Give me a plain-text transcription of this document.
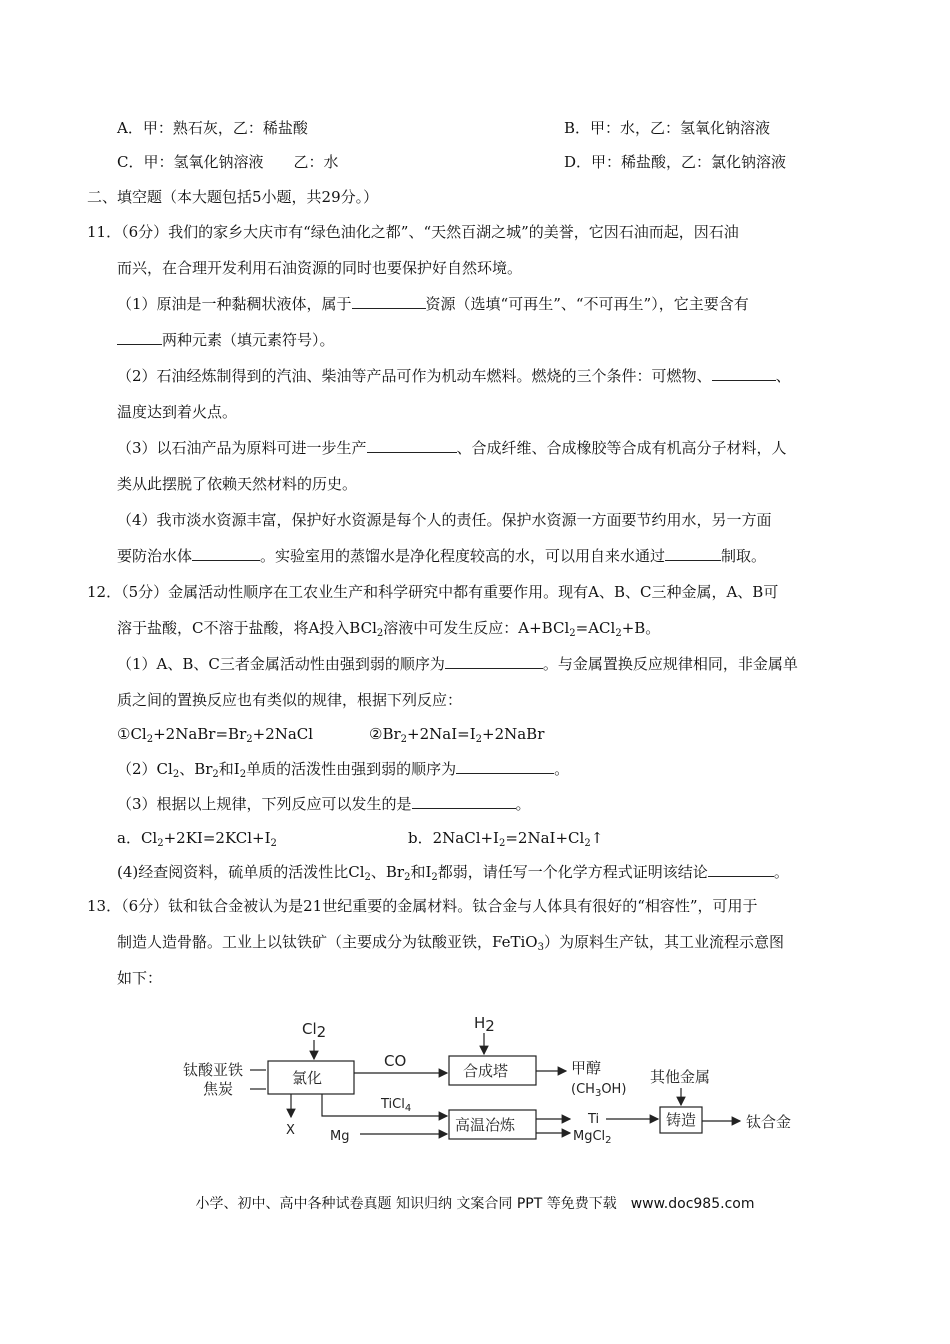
A．甲：熟石灰，乙：稀盐酸	B．甲：水，乙：氢氧化钠溶液
C．甲：氢氧化钠溶液　　乙：水	D．甲：稀盐酸，乙：氯化钠溶液
二、填空题（本大题包括5小题，共29分。）
11．（6分）我们的家乡大庆市有“绿色油化之都”、“天然百湖之城”的美誉，它因石油而起，因石油
而兴，在合理开发利用石油资源的同时也要保护好自然环境。
（1）原油是一种黏稠状液体，属于	资源（选填“可再生”、“不可再生”），它主要含有
两种元素（填元素符号）。
（2）石油经炼制得到的汽油、柴油等产品可作为机动车燃料。燃烧的三个条件：可燃物、	、
温度达到着火点。
（3）以石油产品为原料可进一步生产	、合成纤维、合成橡胶等合成有机高分子材料，人
类从此摆脱了依赖天然材料的历史。
（4）我市淡水资源丰富，保护好水资源是每个人的责任。保护水资源一方面要节约用水，另一方面
要防治水体	。实验室用的蒸馏水是净化程度较高的水，可以用自来水通过	制取。
12．（5分）金属活动性顺序在工农业生产和科学研究中都有重要作用。现有A、B、C三种金属，A、B可
溶于盐酸，C不溶于盐酸，将A投入BCl$_2$溶液中可发生反应：A+BCl$_2$=ACl$_2$+B。
（1）A、B、C三者金属活动性由强到弱的顺序为	。与金属置换反应规律相同，非金属单
质之间的置换反应也有类似的规律，根据下列反应：
$①Cl_2+2NaBr=Br_2+2NaCl$	$②Br_2+2NaI=I_2+2NaBr$
$(2)Cl_2$、$Br_2$和$I_2$单质的活泼性由强到弱的顺序为	。
（3）根据以上规律，下列反应可以发生的是	。
a．$Cl_2+2KI=2KCl+I_2$	b．$2NaCl+I_2=2NaI+Cl_2↑$
(4)经查阅资料，硫单质的活泼性比$Cl_2$、$Br_2$和$I_2$都弱，请任写一个化学方程式证明该结论	。
13．（6分）钛和钛合金被认为是21世纪重要的金属材料。钛合金与人体具有很好的“相容性”，可用于
制造人造骨骼。工业上以钛铁矿（主要成分为钛酸亚铁，FeTiO$_3$）为原料生产钛，其工业流程示意图
如下：
Cl2	H2
钛酸亚铁
焦炭
氯化
CO
合成塔	甲醇
$(CH_3OH)$
其他金属
TiCl$_4$
高温冶炼	Ti
MgCl$_2$
铸造	钛合金
X	Mg
小学、初中、高中各种试卷真题 知识归纳 文案合同 PPT 等免费下载　www.doc985.com
